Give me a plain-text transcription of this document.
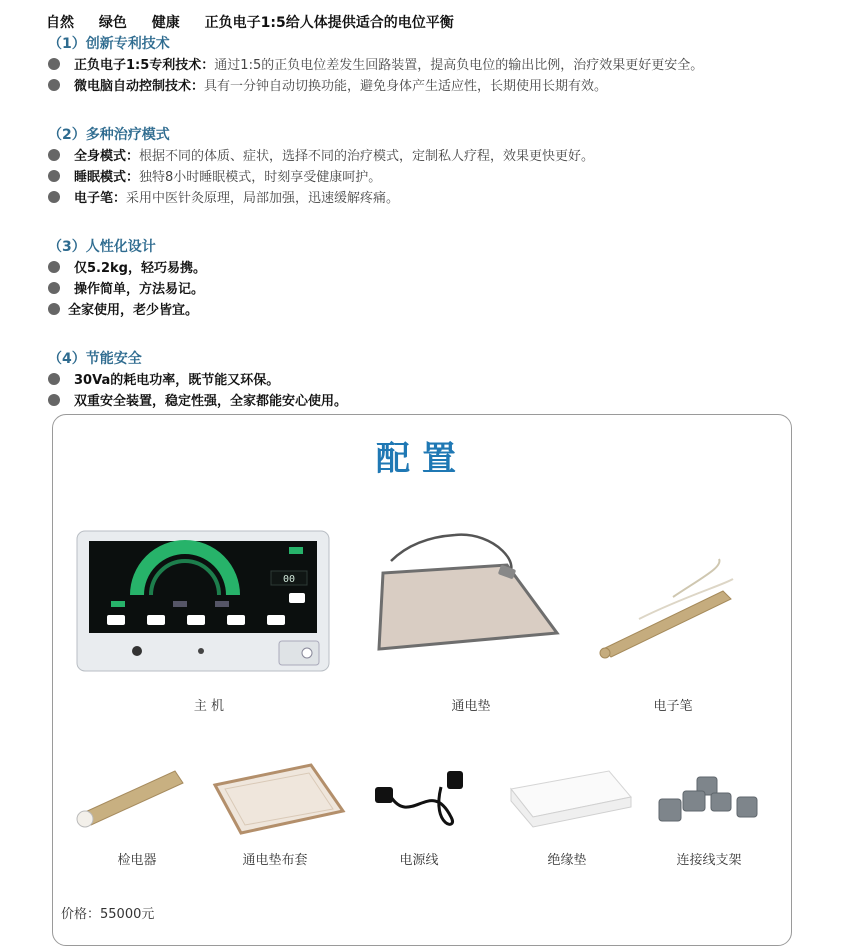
自然 绿色 健康 正负电子1:5给人体提供适合的电位平衡
（1）创新专利技术
正负电子1:5专利技术： 通过1:5的正负电位差发生回路装置，提高负电位的输出比例，治疗效果更好更安全。
微电脑自动控制技术： 具有一分钟自动切换功能，避免身体产生适应性，长期使用长期有效。
（2）多种治疗模式
全身模式： 根据不同的体质、症状，选择不同的治疗模式，定制私人疗程，效果更快更好。
睡眠模式： 独特8小时睡眠模式，时刻享受健康呵护。
电子笔： 采用中医针灸原理，局部加强，迅速缓解疼痛。
（3）人性化设计
仅5.2kg，轻巧易携。
操作简单，方法易记。
全家使用，老少皆宜。
（4）节能安全
30Va的耗电功率，既节能又环保。
双重安全装置，稳定性强，全家都能安心使用。
配置
00
主 机	通电垫	电子笔
检电器	通电垫布套	电源线	绝缘垫	连接线支架
价格：55000元
